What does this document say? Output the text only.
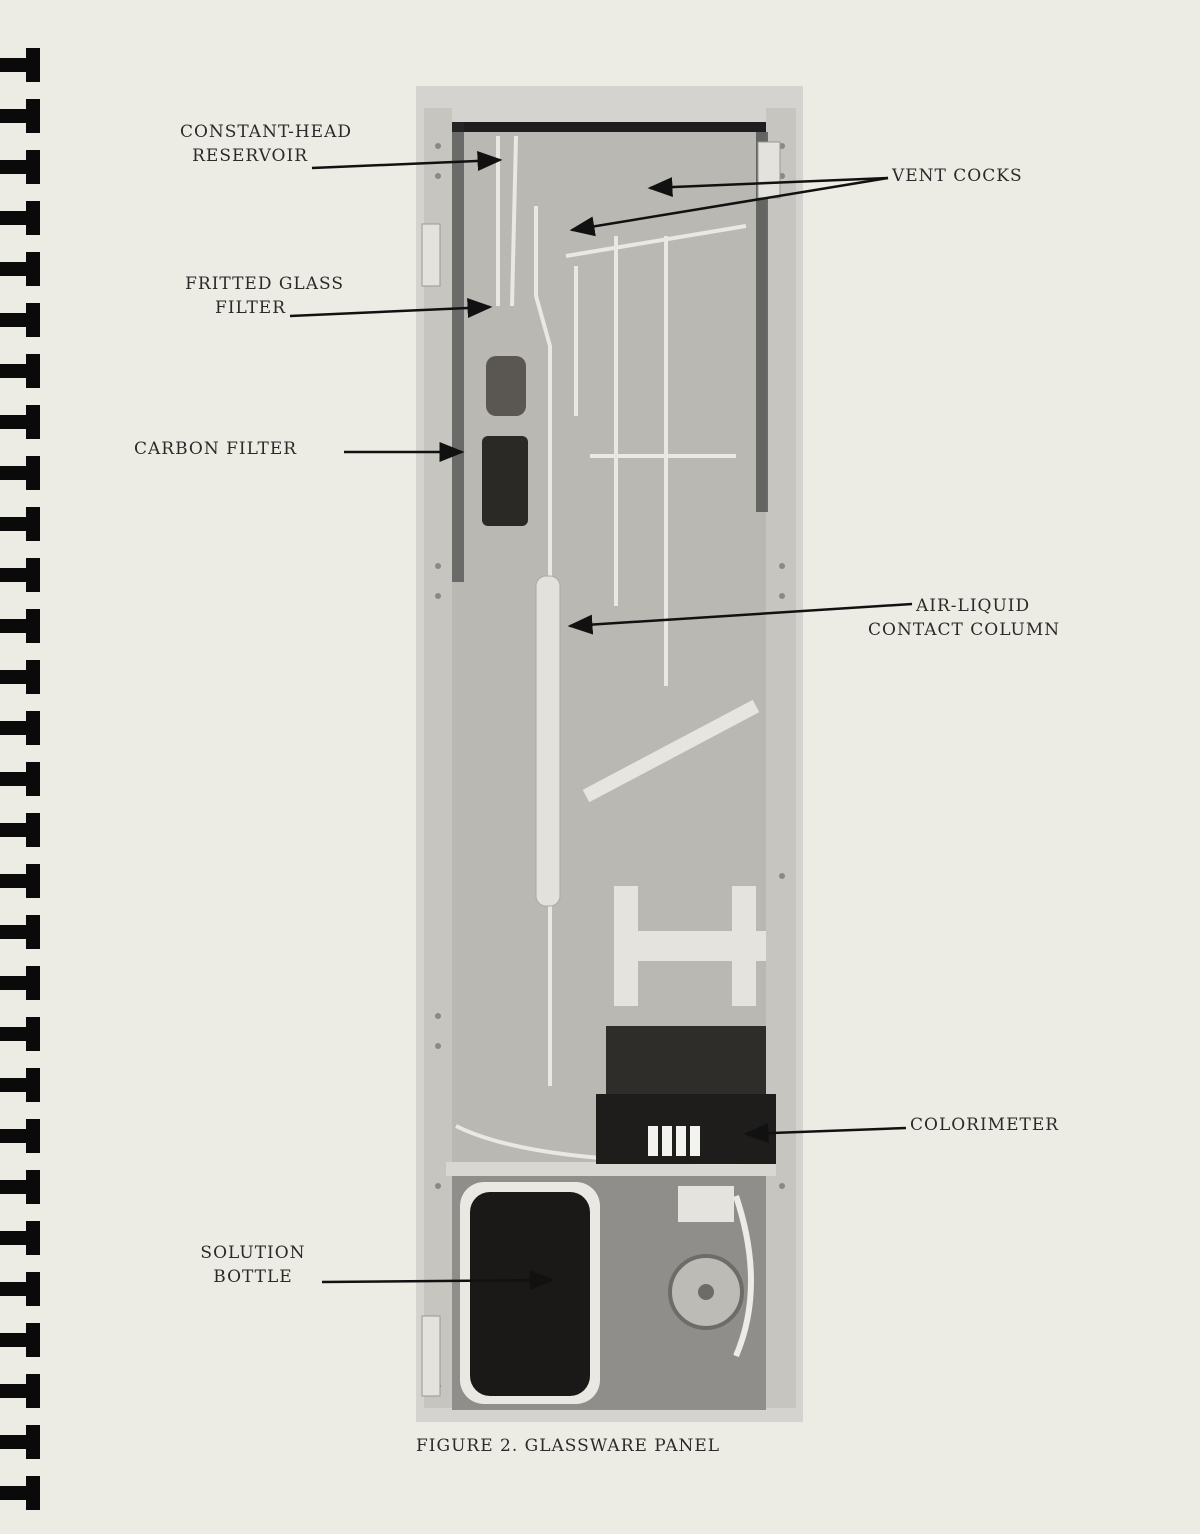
CONSTANT-HEAD
RESERVOIR
FRITTED GLASS
FILTER
CARBON FILTER
VENT COCKS
AIR-LIQUID
CONTACT COLUMN
COLORIMETER
SOLUTION
BOTTLE
FIGURE 2. GLASSWARE PANEL
